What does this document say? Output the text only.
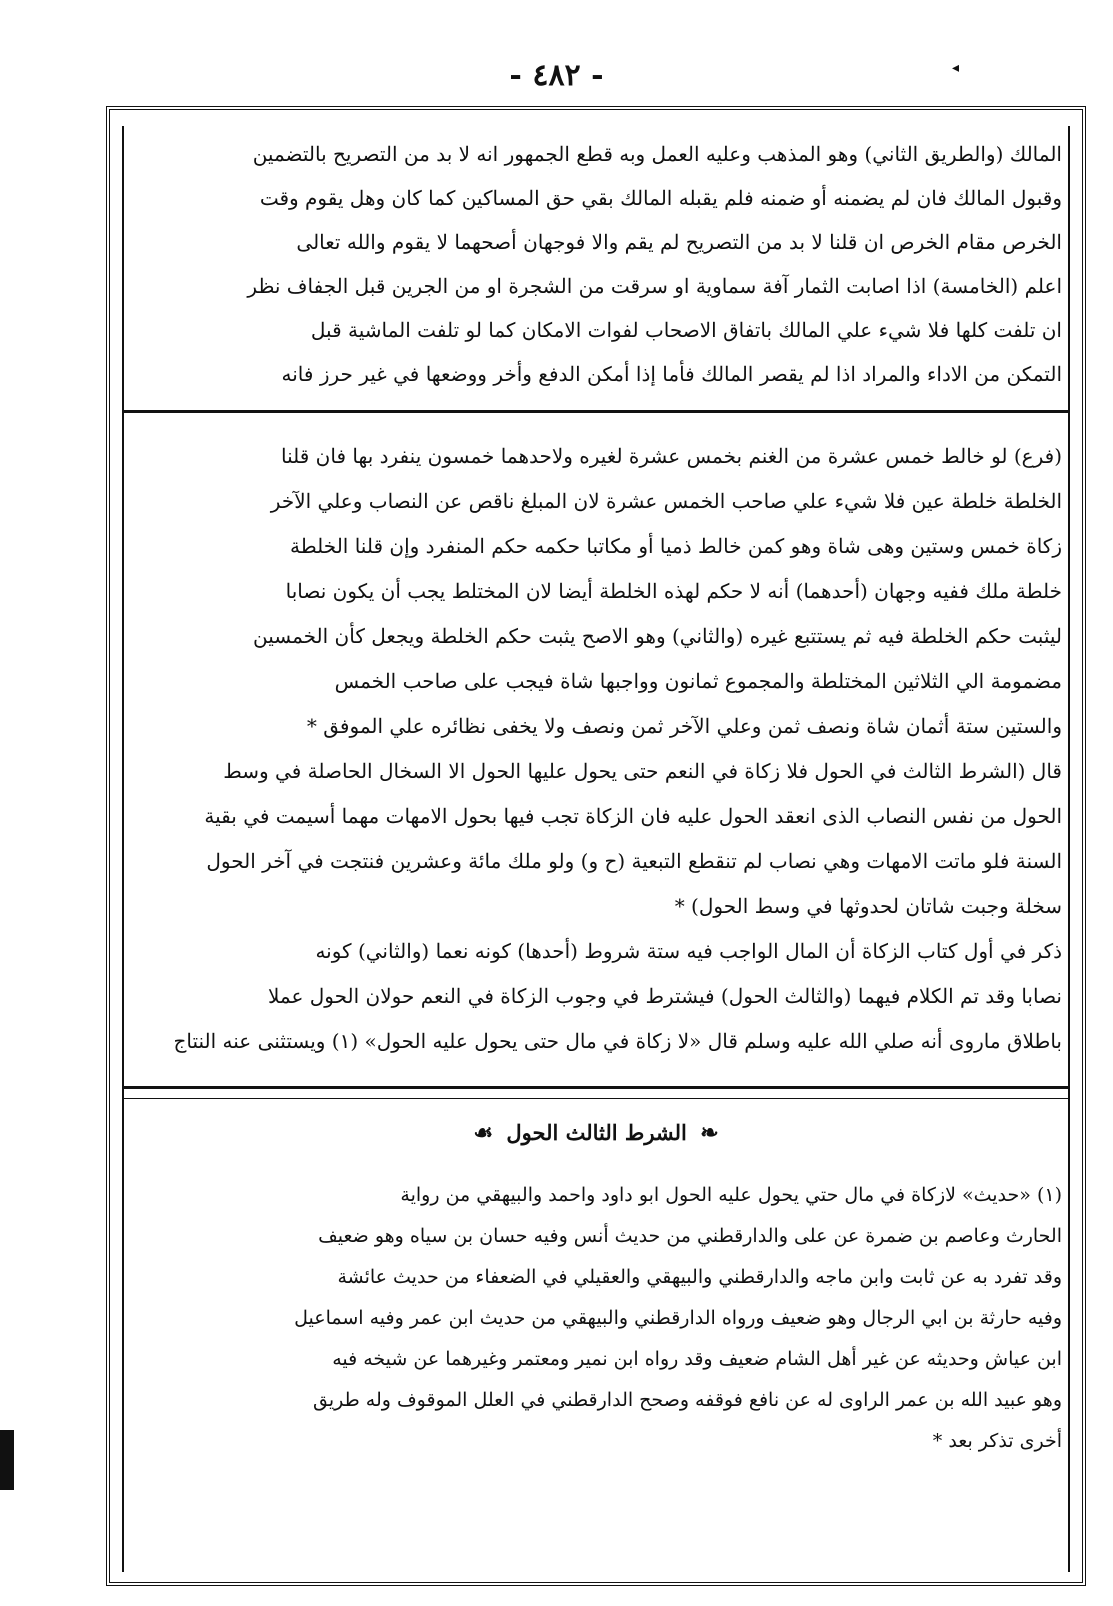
- ٤٨٢ -	◂
المالك (والطريق الثاني) وهو المذهب وعليه العمل وبه قطع الجمهور انه لا بد من التصريح بالتضمين
وقبول المالك فان لم يضمنه أو ضمنه فلم يقبله المالك بقي حق المساكين كما كان وهل يقوم وقت
الخرص مقام الخرص ان قلنا لا بد من التصريح لم يقم والا فوجهان أصحهما لا يقوم والله تعالى
اعلم (الخامسة) اذا اصابت الثمار آفة سماوية او سرقت من الشجرة او من الجرين قبل الجفاف نظر
ان تلفت كلها فلا شيء علي المالك باتفاق الاصحاب لفوات الامكان كما لو تلفت الماشية قبل
التمكن من الاداء والمراد اذا لم يقصر المالك فأما إذا أمكن الدفع وأخر ووضعها في غير حرز فانه
(فرع) لو خالط خمس عشرة من الغنم بخمس عشرة لغيره ولاحدهما خمسون ينفرد بها فان قلنا
الخلطة خلطة عين فلا شيء علي صاحب الخمس عشرة لان المبلغ ناقص عن النصاب وعلي الآخر
زكاة خمس وستين وهى شاة وهو كمن خالط ذميا أو مكاتبا حكمه حكم المنفرد وإن قلنا الخلطة
خلطة ملك ففيه وجهان (أحدهما) أنه لا حكم لهذه الخلطة أيضا لان المختلط يجب أن يكون نصابا
ليثبت حكم الخلطة فيه ثم يستتبع غيره (والثاني) وهو الاصح يثبت حكم الخلطة ويجعل كأن الخمسين
مضمومة الي الثلاثين المختلطة والمجموع ثمانون وواجبها شاة فيجب على صاحب الخمس
والستين ستة أثمان شاة ونصف ثمن وعلي الآخر ثمن ونصف ولا يخفى نظائره علي الموفق *
قال (الشرط الثالث في الحول فلا زكاة في النعم حتى يحول عليها الحول الا السخال الحاصلة في وسط
الحول من نفس النصاب الذى انعقد الحول عليه فان الزكاة تجب فيها بحول الامهات مهما أسيمت في بقية
السنة فلو ماتت الامهات وهي نصاب لم تنقطع التبعية (ح و) ولو ملك مائة وعشرين فنتجت في آخر الحول
سخلة وجبت شاتان لحدوثها في وسط الحول) *
ذكر في أول كتاب الزكاة أن المال الواجب فيه ستة شروط (أحدها) كونه نعما (والثاني) كونه
نصابا وقد تم الكلام فيهما (والثالث الحول) فيشترط في وجوب الزكاة في النعم حولان الحول عملا
باطلاق ماروى أنه صلي الله عليه وسلم قال «لا زكاة في مال حتى يحول عليه الحول» (١) ويستثنى عنه النتاج
❧ الشرط الثالث الحول ☙
(١) «حديث» لازكاة في مال حتي يحول عليه الحول ابو داود واحمد والبيهقي من رواية
الحارث وعاصم بن ضمرة عن على والدارقطني من حديث أنس وفيه حسان بن سياه وهو ضعيف
وقد تفرد به عن ثابت وابن ماجه والدارقطني والبيهقي والعقيلي في الضعفاء من حديث عائشة
وفيه حارثة بن ابي الرجال وهو ضعيف ورواه الدارقطني والبيهقي من حديث ابن عمر وفيه اسماعيل
ابن عياش وحديثه عن غير أهل الشام ضعيف وقد رواه ابن نمير ومعتمر وغيرهما عن شيخه فيه
وهو عبيد الله بن عمر الراوى له عن نافع فوقفه وصحح الدارقطني في العلل الموقوف وله طريق
أخرى تذكر بعد *
